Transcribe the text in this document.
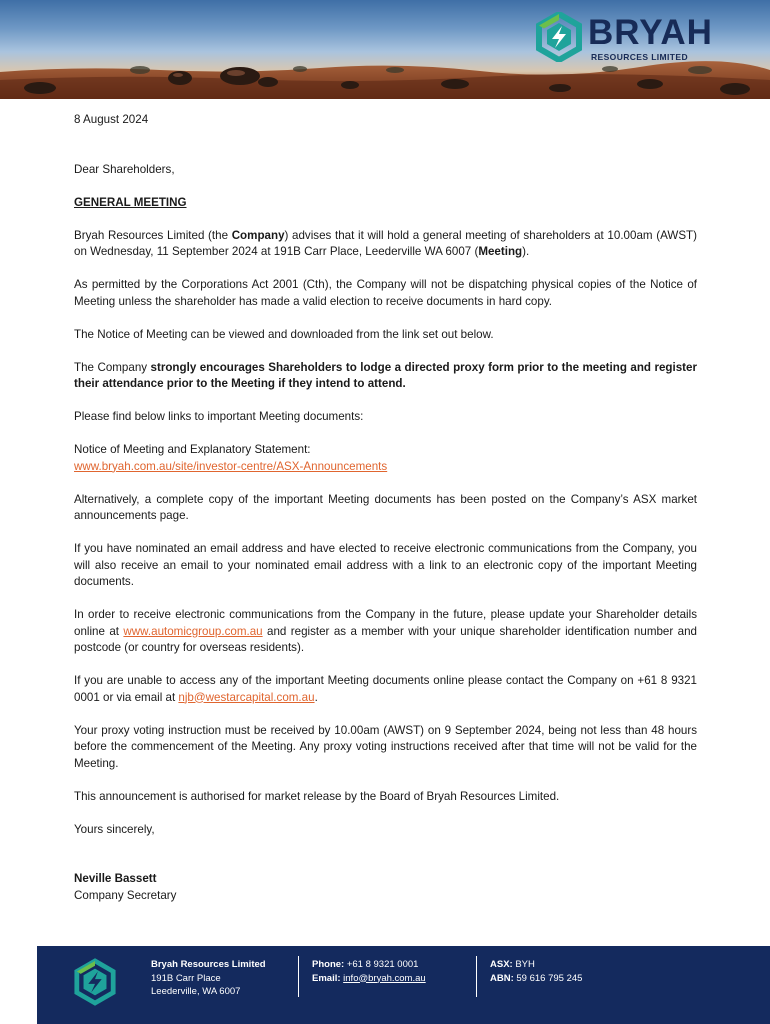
BRYAH
RESOURCES LIMITED

8 August 2024

Dear Shareholders,

GENERAL MEETING

Bryah Resources Limited (the Company) advises that it will hold a general meeting of shareholders at 10.00am (AWST) on Wednesday, 11 September 2024 at 191B Carr Place, Leederville WA 6007 (Meeting).

As permitted by the Corporations Act 2001 (Cth), the Company will not be dispatching physical copies of the Notice of Meeting unless the shareholder has made a valid election to receive documents in hard copy.

The Notice of Meeting can be viewed and downloaded from the link set out below.

The Company strongly encourages Shareholders to lodge a directed proxy form prior to the meeting and register their attendance prior to the Meeting if they intend to attend.

Please find below links to important Meeting documents:

Notice of Meeting and Explanatory Statement:
www.bryah.com.au/site/investor-centre/ASX-Announcements

Alternatively, a complete copy of the important Meeting documents has been posted on the Company’s ASX market announcements page.

If you have nominated an email address and have elected to receive electronic communications from the Company, you will also receive an email to your nominated email address with a link to an electronic copy of the important Meeting documents.

In order to receive electronic communications from the Company in the future, please update your Shareholder details online at www.automicgroup.com.au and register as a member with your unique shareholder identification number and postcode (or country for overseas residents).

If you are unable to access any of the important Meeting documents online please contact the Company on +61 8 9321 0001 or via email at njb@westarcapital.com.au.

Your proxy voting instruction must be received by 10.00am (AWST) on 9 September 2024, being not less than 48 hours before the commencement of the Meeting. Any proxy voting instructions received after that time will not be valid for the Meeting.

This announcement is authorised for market release by the Board of Bryah Resources Limited.

Yours sincerely,

Neville Bassett

Company Secretary

Bryah Resources Limited
191B Carr Place
Leederville, WA 6007
Phone: +61 8 9321 0001
Email: info@bryah.com.au
ASX: BYH
ABN: 59 616 795 245
